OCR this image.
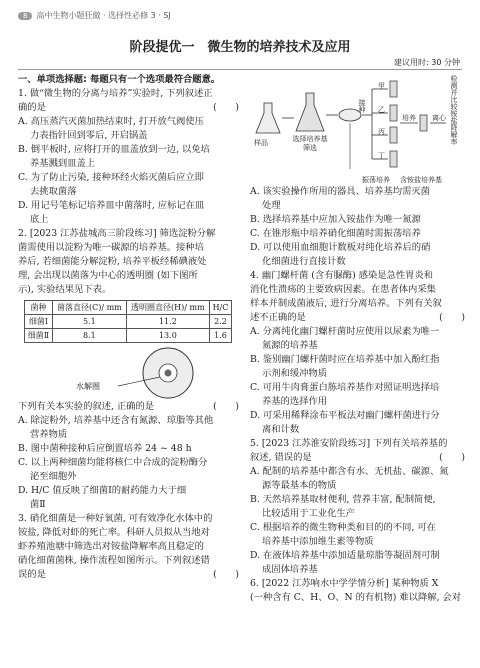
8 高中生物小题狂做 · 选择性必修 3 · SJ
阶段提优一　微生物的培养技术及应用
建议用时: 30 分钟
一、单项选择题: 每题只有一个选项最符合题意。
1. 做“微生物的分离与培养”实验时, 下列叙述正
确的是	(　　)
A. 高压蒸汽灭菌加热结束时, 打开放气阀使压
力表指针回到零后, 开启锅盖
B. 倒平板时, 应将打开的皿盖放到一边, 以免培
养基溅到皿盖上
C. 为了防止污染, 接种环经火焰灭菌后应立即
去挑取菌落
D. 用记号笔标记培养皿中菌落时, 应标记在皿
底上
2. [2023 江苏盐城高三阶段练习] 筛选淀粉分解
菌需使用以淀粉为唯一碳源的培养基。接种培
养后, 若细菌能分解淀粉, 培养平板经稀碘液处
理, 会出现以菌落为中心的透明圈 (如下图所
示), 实验结果见下表。
菌种	菌落直径(C)/ mm	透明圈直径(H)/ mm	H/C
细菌Ⅰ	5.1	11.2	2.2
细菌Ⅱ	8.1	13.0	1.6
水解圈
下列有关本实验的叙述, 正确的是	(　　)
A. 除淀粉外, 培养基中还含有氮源、琼脂等其他
营养物质
B. 图中菌种接种后应倒置培养 24 ~ 48 h
C. 以上两种细菌均能将核仁中合成的淀粉酶分
泌至细胞外
D. H/C 值反映了细菌Ⅰ的耐药能力大于细
菌Ⅱ
3. 硝化细菌是一种好氧菌, 可有效净化水体中的
铵盐, 降低对虾的死亡率。科研人员拟从当地对
虾养殖池塘中筛选出对铵盐降解率高且稳定的
硝化细菌菌株, 操作流程如图所示。下列叙述错
误的是	(　　)
样品	选择培养基筛选
接种
甲
乙
丙
丁
培养 离心 检测并比较铵盐降解率
振荡培养 含铵盐培养基
A. 该实验操作所用的器具、培养基均需灭菌
处理
B. 选择培养基中应加入铵盐作为唯一氮源
C. 在锥形瓶中培养硝化细菌时需振荡培养
D. 可以使用血细胞计数板对纯化培养后的硝
化细菌进行直接计数
4. 幽门螺杆菌 (含有脲酶) 感染是急性胃炎和
消化性溃疡的主要致病因素。在患者体内采集
样本并制成菌液后, 进行分离培养。下列有关叙
述不正确的是	(　　)
A. 分离纯化幽门螺杆菌时应使用以尿素为唯一
氮源的培养基
B. 鉴别幽门螺杆菌时应在培养基中加入酚红指
示剂和缓冲物质
C. 可用牛肉膏蛋白胨培养基作对照证明选择培
养基的选择作用
D. 可采用稀释涂布平板法对幽门螺杆菌进行分
离和计数
5. [2023 江苏淮安阶段练习] 下列有关培养基的
叙述, 错误的是	(　　)
A. 配制的培养基中都含有水、无机盐、碳源、氮
源等最基本的物质
B. 天然培养基取材便利, 营养丰富, 配制简便,
比较适用于工业化生产
C. 根据培养的微生物种类和目的的不同, 可在
培养基中添加维生素等物质
D. 在液体培养基中添加适量琼脂等凝固剂可制
成固体培养基
6. [2022 江苏响水中学学情分析] 某种物质 X
(一种含有 C、H、O、N 的有机物) 难以降解, 会对
